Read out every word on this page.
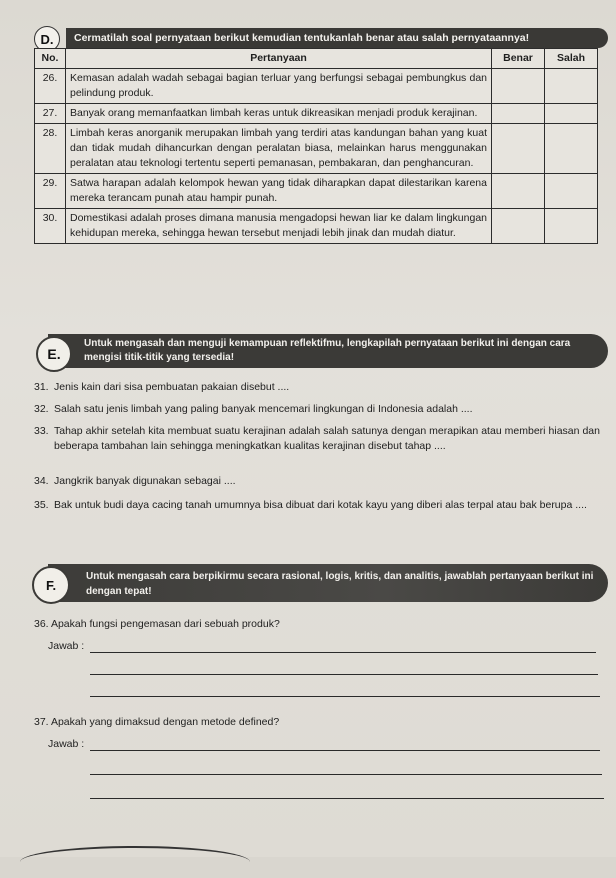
D.	Cermatilah soal pernyataan berikut kemudian tentukanlah benar atau salah pernyataannya!
No.	Pertanyaan	Benar	Salah
26.	Kemasan adalah wadah sebagai bagian terluar yang berfungsi sebagai pembungkus dan pelindung produk.		
27.	Banyak orang memanfaatkan limbah keras untuk dikreasikan menjadi produk kerajinan.		
28.	Limbah keras anorganik merupakan limbah yang terdiri atas kandungan bahan yang kuat dan tidak mudah dihancurkan dengan peralatan biasa, melainkan harus menggunakan peralatan atau teknologi tertentu seperti pemanasan, pembakaran, dan penghancuran.		
29.	Satwa harapan adalah kelompok hewan yang tidak diharapkan dapat dilestarikan karena mereka terancam punah atau hampir punah.		
30.	Domestikasi adalah proses dimana manusia mengadopsi hewan liar ke dalam lingkungan kehidupan mereka, sehingga hewan tersebut menjadi lebih jinak dan mudah diatur.		
Untuk mengasah dan menguji kemampuan reflektifmu, lengkapilah pernyataan berikut ini dengan cara mengisi titik-titik yang tersedia!
E.
31. Jenis kain dari sisa pembuatan pakaian disebut ....
32. Salah satu jenis limbah yang paling banyak mencemari lingkungan di Indonesia adalah ....
33. Tahap akhir setelah kita membuat suatu kerajinan adalah salah satunya dengan merapikan atau memberi hiasan dan beberapa tambahan lain sehingga meningkatkan kualitas kerajinan disebut tahap ....
34. Jangkrik banyak digunakan sebagai ....
35. Bak untuk budi daya cacing tanah umumnya bisa dibuat dari kotak kayu yang diberi alas terpal atau bak berupa ....
Untuk mengasah cara berpikirmu secara rasional, logis, kritis, dan analitis, jawablah pertanyaan berikut ini dengan tepat!
F.
36. Apakah fungsi pengemasan dari sebuah produk?
Jawab :
37. Apakah yang dimaksud dengan metode defined?
Jawab :
